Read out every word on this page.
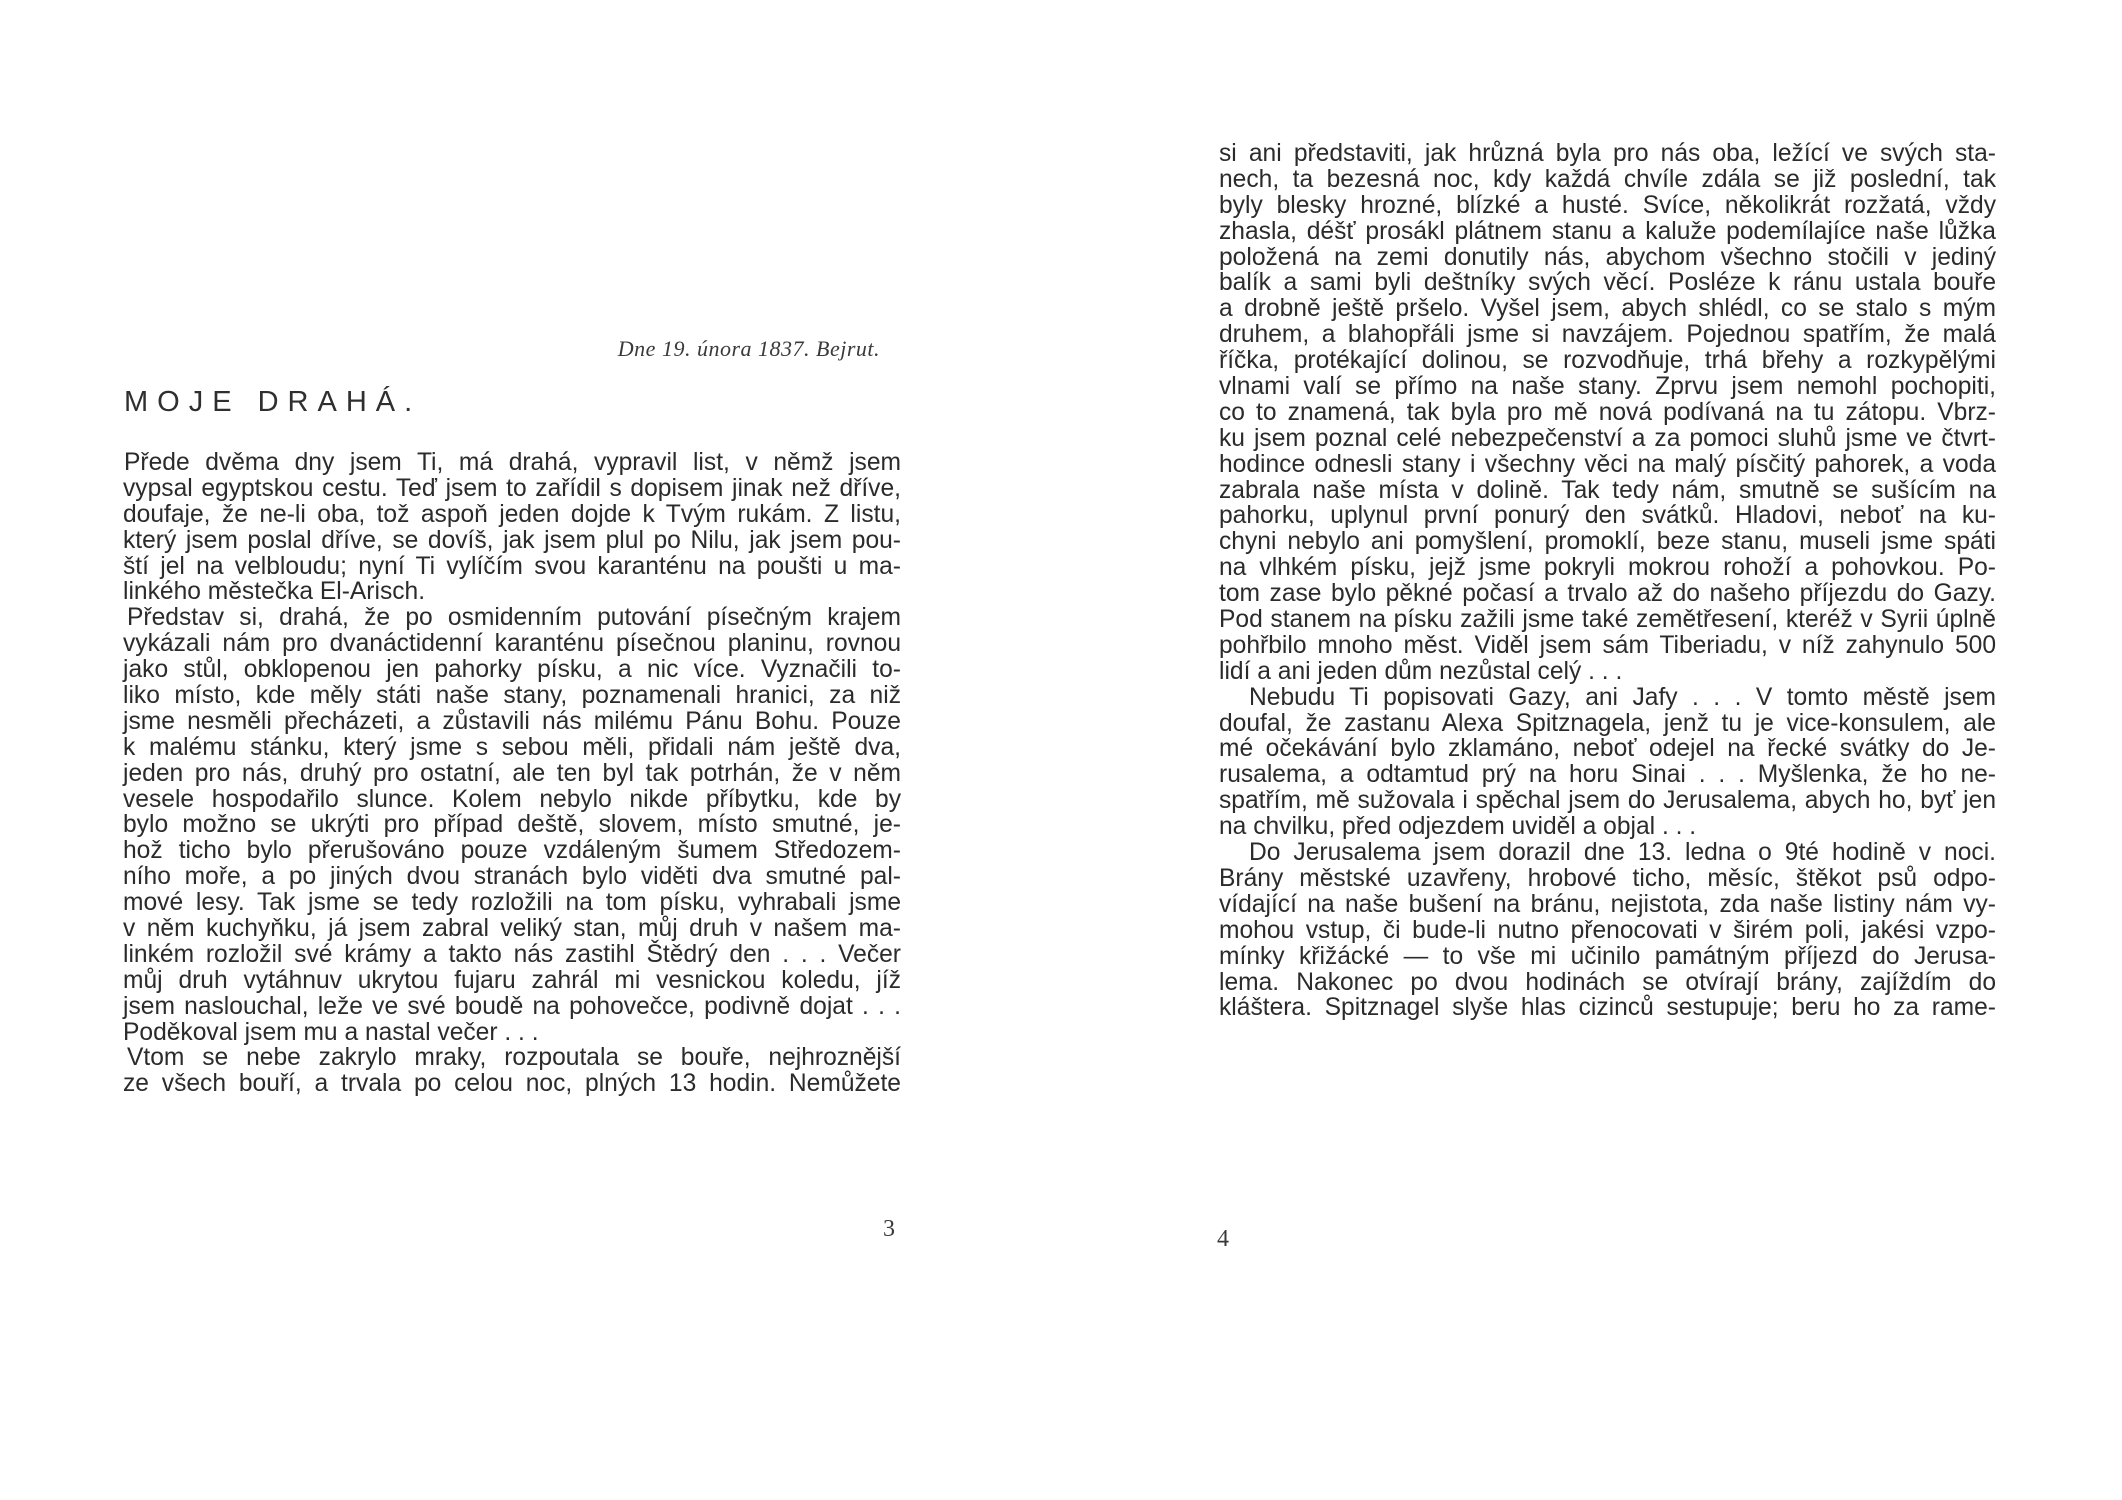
Dne 19. února 1837. Bejrut.
MOJE DRAHÁ.
Přede dvěma dny jsem Ti, má drahá, vypravil list, v němž jsem
vypsal egyptskou cestu. Teď jsem to zařídil s dopisem jinak než dříve,
doufaje, že ne-li oba, tož aspoň jeden dojde k Tvým rukám. Z listu,
který jsem poslal dříve, se dovíš, jak jsem plul po Nilu, jak jsem pou-
ští jel na velbloudu; nyní Ti vylíčím svou karanténu na poušti u ma-
linkého městečka El-Arisch.
Představ si, drahá, že po osmidenním putování písečným krajem
vykázali nám pro dvanáctidenní karanténu písečnou planinu, rovnou
jako stůl, obklopenou jen pahorky písku, a nic více. Vyznačili to-
liko místo, kde měly státi naše stany, poznamenali hranici, za niž
jsme nesměli přecházeti, a zůstavili nás milému Pánu Bohu. Pouze
k malému stánku, který jsme s sebou měli, přidali nám ještě dva,
jeden pro nás, druhý pro ostatní, ale ten byl tak potrhán, že v něm
vesele hospodařilo slunce. Kolem nebylo nikde příbytku, kde by
bylo možno se ukrýti pro případ deště, slovem, místo smutné, je-
hož ticho bylo přerušováno pouze vzdáleným šumem Středozem-
ního moře, a po jiných dvou stranách bylo viděti dva smutné pal-
mové lesy. Tak jsme se tedy rozložili na tom písku, vyhrabali jsme
v něm kuchyňku, já jsem zabral veliký stan, můj druh v našem ma-
linkém rozložil své krámy a takto nás zastihl Štědrý den . . . Večer
můj druh vytáhnuv ukrytou fujaru zahrál mi vesnickou koledu, jíž
jsem naslouchal, leže ve své boudě na pohovečce, podivně dojat . . .
Poděkoval jsem mu a nastal večer . . .
Vtom se nebe zakrylo mraky, rozpoutala se bouře, nejhroznější
ze všech bouří, a trvala po celou noc, plných 13 hodin. Nemůžete
3
si ani představiti, jak hrůzná byla pro nás oba, ležící ve svých sta-
nech, ta bezesná noc, kdy každá chvíle zdála se již poslední, tak
byly blesky hrozné, blízké a husté. Svíce, několikrát rozžatá, vždy
zhasla, déšť prosákl plátnem stanu a kaluže podemílajíce naše lůžka
položená na zemi donutily nás, abychom všechno stočili v jediný
balík a sami byli deštníky svých věcí. Posléze k ránu ustala bouře
a drobně ještě pršelo. Vyšel jsem, abych shlédl, co se stalo s mým
druhem, a blahopřáli jsme si navzájem. Pojednou spatřím, že malá
říčka, protékající dolinou, se rozvodňuje, trhá břehy a rozkypělými
vlnami valí se přímo na naše stany. Zprvu jsem nemohl pochopiti,
co to znamená, tak byla pro mě nová podívaná na tu zátopu. Vbrz-
ku jsem poznal celé nebezpečenství a za pomoci sluhů jsme ve čtvrt-
hodince odnesli stany i všechny věci na malý písčitý pahorek, a voda
zabrala naše místa v dolině. Tak tedy nám, smutně se sušícím na
pahorku, uplynul první ponurý den svátků. Hladovi, neboť na ku-
chyni nebylo ani pomyšlení, promoklí, beze stanu, museli jsme spáti
na vlhkém písku, jejž jsme pokryli mokrou rohoží a pohovkou. Po-
tom zase bylo pěkné počasí a trvalo až do našeho příjezdu do Gazy.
Pod stanem na písku zažili jsme také zemětřesení, kteréž v Syrii úplně
pohřbilo mnoho měst. Viděl jsem sám Tiberiadu, v níž zahynulo 500
lidí a ani jeden dům nezůstal celý . . .
Nebudu Ti popisovati Gazy, ani Jafy . . . V tomto městě jsem
doufal, že zastanu Alexa Spitznagela, jenž tu je vice-konsulem, ale
mé očekávání bylo zklamáno, neboť odejel na řecké svátky do Je-
rusalema, a odtamtud prý na horu Sinai . . . Myšlenka, že ho ne-
spatřím, mě sužovala i spěchal jsem do Jerusalema, abych ho, byť jen
na chvilku, před odjezdem uviděl a objal . . .
Do Jerusalema jsem dorazil dne 13. ledna o 9té hodině v noci.
Brány městské uzavřeny, hrobové ticho, měsíc, štěkot psů odpo-
vídající na naše bušení na bránu, nejistota, zda naše listiny nám vy-
mohou vstup, či bude-li nutno přenocovati v širém poli, jakési vzpo-
mínky křižácké — to vše mi učinilo památným příjezd do Jerusa-
lema. Nakonec po dvou hodinách se otvírají brány, zajíždím do
kláštera. Spitznagel slyše hlas cizinců sestupuje; beru ho za rame-
4
